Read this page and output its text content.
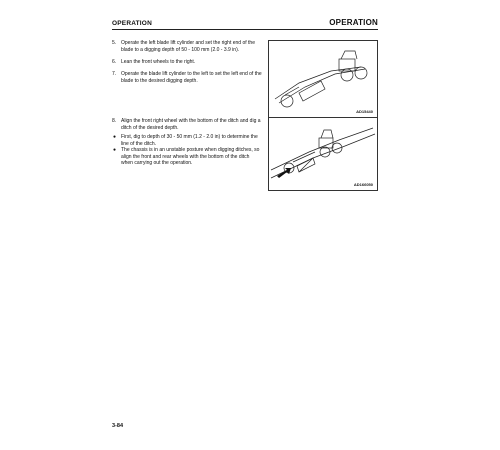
OPERATION	OPERATION
5. Operate the left blade lift cylinder and set the right end of the blade to a digging depth of 50 - 100 mm (2.0 - 3.9 in).
6. Lean the front wheels to the right.
7. Operate the blade lift cylinder to the left to set the left end of the blade to the desired digging depth.
AD15440
8. Align the front right wheel with the bottom of the ditch and dig a ditch of the desired depth.
● First, dig to depth of 30 - 50 mm (1.2 - 2.0 in) to determine the line of the ditch.
● The chassis is in an unstable posture when digging ditches, so align the front and rear wheels with the bottom of the ditch when carrying out the operation.
AD166050
3-84
